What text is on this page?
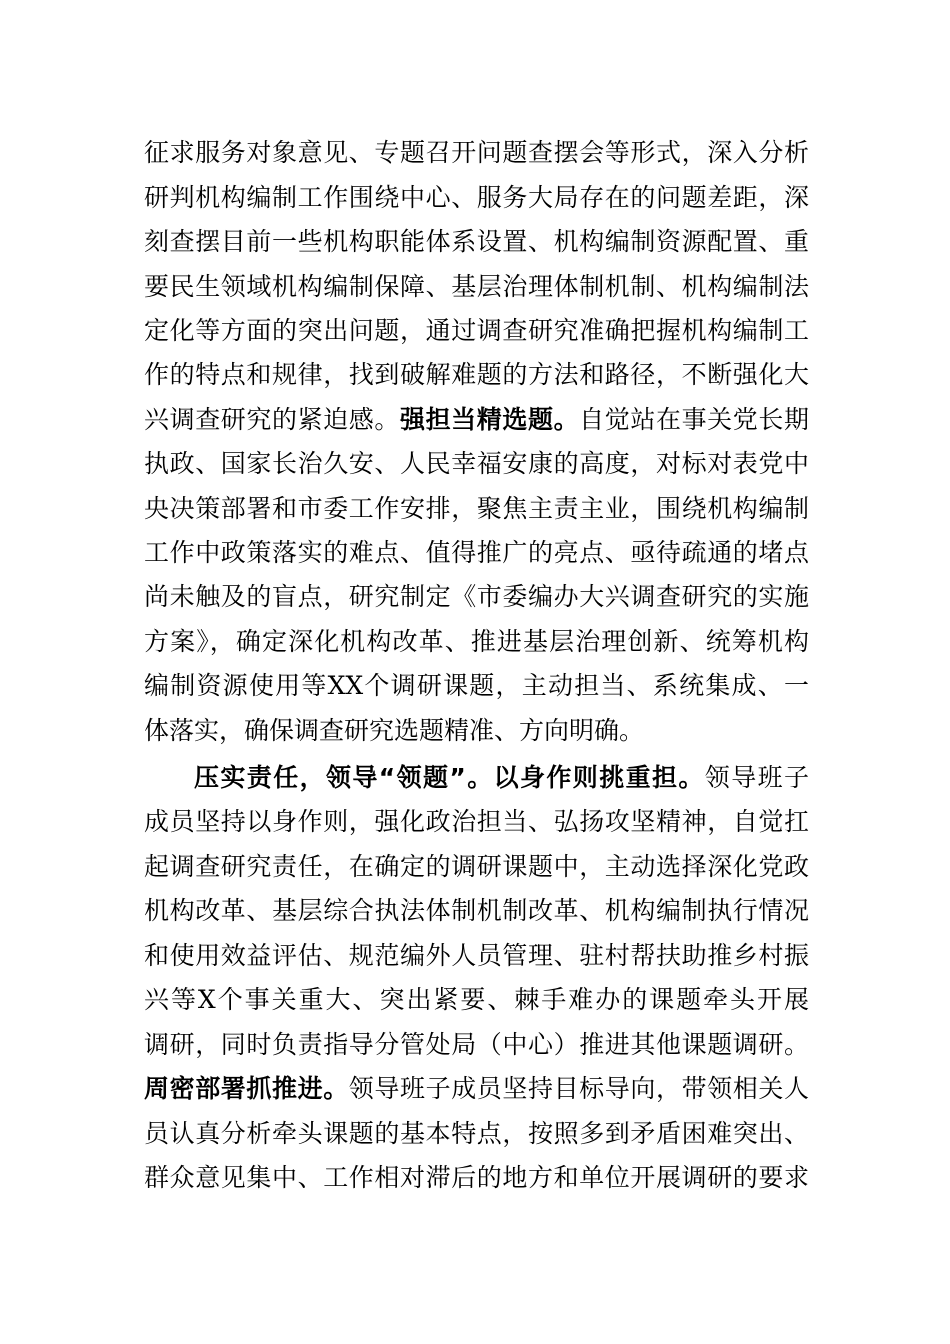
征求服务对象意见、专题召开问题查摆会等形式，深入分析
研判机构编制工作围绕中心、服务大局存在的问题差距，深
刻查摆目前一些机构职能体系设置、机构编制资源配置、重
要民生领域机构编制保障、基层治理体制机制、机构编制法
定化等方面的突出问题，通过调查研究准确把握机构编制工
作的特点和规律，找到破解难题的方法和路径，不断强化大
兴调查研究的紧迫感。强担当精选题。自觉站在事关党长期
执政、国家长治久安、人民幸福安康的高度，对标对表党中
央决策部署和市委工作安排，聚焦主责主业，围绕机构编制
工作中政策落实的难点、值得推广的亮点、亟待疏通的堵点
尚未触及的盲点，研究制定《市委编办大兴调查研究的实施
方案》，确定深化机构改革、推进基层治理创新、统筹机构
编制资源使用等XX个调研课题，主动担当、系统集成、一
体落实，确保调查研究选题精准、方向明确。
压实责任，领导“领题”。以身作则挑重担。领导班子
成员坚持以身作则，强化政治担当、弘扬攻坚精神，自觉扛
起调查研究责任，在确定的调研课题中，主动选择深化党政
机构改革、基层综合执法体制机制改革、机构编制执行情况
和使用效益评估、规范编外人员管理、驻村帮扶助推乡村振
兴等X个事关重大、突出紧要、棘手难办的课题牵头开展
调研，同时负责指导分管处局（中心）推进其他课题调研。
周密部署抓推进。领导班子成员坚持目标导向，带领相关人
员认真分析牵头课题的基本特点，按照多到矛盾困难突出、
群众意见集中、工作相对滞后的地方和单位开展调研的要求
